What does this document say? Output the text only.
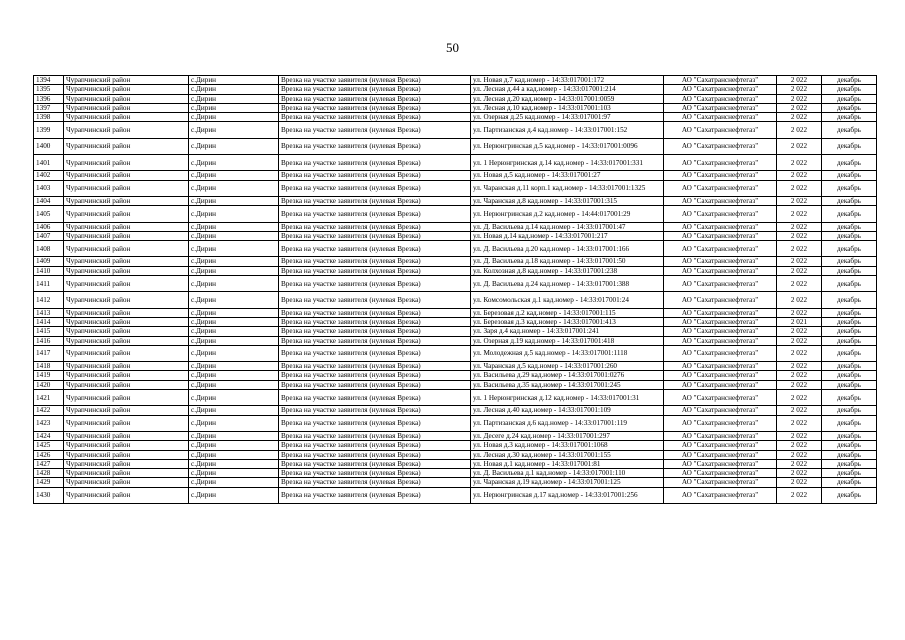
50
1394	Чурапчинский район	с.Дирин	Врезка на участке заявителя (нулевая Врезка)	ул. Новая д.7 кад.номер - 14:33:017001:172	АО "Сахатранснефтегаз"	2 022	декабрь
1395	Чурапчинский район	с.Дирин	Врезка на участке заявителя (нулевая Врезка)	ул. Лесная д.44 а кад.номер - 14:33:017001:214	АО "Сахатранснефтегаз"	2 022	декабрь
1396	Чурапчинский район	с.Дирин	Врезка на участке заявителя (нулевая Врезка)	ул. Лесная д.20 кад.номер - 14:33:017001:0059	АО "Сахатранснефтегаз"	2 022	декабрь
1397	Чурапчинский район	с.Дирин	Врезка на участке заявителя (нулевая Врезка)	ул. Лесная д.10 кад.номер - 14:33:017001:103	АО "Сахатранснефтегаз"	2 022	декабрь
1398	Чурапчинский район	с.Дирин	Врезка на участке заявителя (нулевая Врезка)	ул. Озерная д.25 кад.номер - 14:33:017001:97	АО "Сахатранснефтегаз"	2 022	декабрь
1399	Чурапчинский район	с.Дирин	Врезка на участке заявителя (нулевая Врезка)	ул. Партизанская д.4 кад.номер - 14:33:017001:152	АО "Сахатранснефтегаз"	2 022	декабрь
1400	Чурапчинский район	с.Дирин	Врезка на участке заявителя (нулевая Врезка)	ул. Нерюнгринская д.5 кад.номер - 14:33:017001:0096	АО "Сахатранснефтегаз"	2 022	декабрь
1401	Чурапчинский район	с.Дирин	Врезка на участке заявителя (нулевая Врезка)	ул. 1 Нерюнгринская д.14 кад.номер - 14:33:017001:331	АО "Сахатранснефтегаз"	2 022	декабрь
1402	Чурапчинский район	с.Дирин	Врезка на участке заявителя (нулевая Врезка)	ул. Новая д.5 кад.номер - 14:33:017001:27	АО "Сахатранснефтегаз"	2 022	декабрь
1403	Чурапчинский район	с.Дирин	Врезка на участке заявителя (нулевая Врезка)	ул. Чаранская д.11 корп.1 кад.номер - 14:33:017001:1325	АО "Сахатранснефтегаз"	2 022	декабрь
1404	Чурапчинский район	с.Дирин	Врезка на участке заявителя (нулевая Врезка)	ул. Чаранская д.8 кад.номер - 14:33:017001:315	АО "Сахатранснефтегаз"	2 022	декабрь
1405	Чурапчинский район	с.Дирин	Врезка на участке заявителя (нулевая Врезка)	ул. Нерюнгринская д.2 кад.номер - 14:44:017001:29	АО "Сахатранснефтегаз"	2 022	декабрь
1406	Чурапчинский район	с.Дирин	Врезка на участке заявителя (нулевая Врезка)	ул. Д. Васильева д.14 кад.номер - 14:33:017001:47	АО "Сахатранснефтегаз"	2 022	декабрь
1407	Чурапчинский район	с.Дирин	Врезка на участке заявителя (нулевая Врезка)	ул. Новая д.14 кад.номер - 14:33:017001:217	АО "Сахатранснефтегаз"	2 022	декабрь
1408	Чурапчинский район	с.Дирин	Врезка на участке заявителя (нулевая Врезка)	ул. Д. Васильева д.20 кад.номер - 14:33:017001:166	АО "Сахатранснефтегаз"	2 022	декабрь
1409	Чурапчинский район	с.Дирин	Врезка на участке заявителя (нулевая Врезка)	ул. Д. Васильева д.18 кад.номер - 14:33:017001:50	АО "Сахатранснефтегаз"	2 022	декабрь
1410	Чурапчинский район	с.Дирин	Врезка на участке заявителя (нулевая Врезка)	ул. Колхозная д.8 кад.номер - 14:33:017001:238	АО "Сахатранснефтегаз"	2 022	декабрь
1411	Чурапчинский район	с.Дирин	Врезка на участке заявителя (нулевая Врезка)	ул. Д. Васильева д.24 кад.номер - 14:33:017001:388	АО "Сахатранснефтегаз"	2 022	декабрь
1412	Чурапчинский район	с.Дирин	Врезка на участке заявителя (нулевая Врезка)	ул. Комсомольская д.1 кад.номер - 14:33:017001:24	АО "Сахатранснефтегаз"	2 022	декабрь
1413	Чурапчинский район	с.Дирин	Врезка на участке заявителя (нулевая Врезка)	ул. Березовая д.2 кад.номер - 14:33:017001:115	АО "Сахатранснефтегаз"	2 022	декабрь
1414	Чурапчинский район	с.Дирин	Врезка на участке заявителя (нулевая Врезка)	ул. Березовая д.3 кад.номер - 14:33:017001:413	АО "Сахатранснефтегаз"	2 021	декабрь
1415	Чурапчинский район	с.Дирин	Врезка на участке заявителя (нулевая Врезка)	ул. Заря д.4 кад.номер - 14:33:017001:241	АО "Сахатранснефтегаз"	2 022	декабрь
1416	Чурапчинский район	с.Дирин	Врезка на участке заявителя (нулевая Врезка)	ул. Озерная д.19 кад.номер - 14:33:017001:418	АО "Сахатранснефтегаз"	2 022	декабрь
1417	Чурапчинский район	с.Дирин	Врезка на участке заявителя (нулевая Врезка)	ул. Молодежная д.5 кад.номер - 14:33:017001:1118	АО "Сахатранснефтегаз"	2 022	декабрь
1418	Чурапчинский район	с.Дирин	Врезка на участке заявителя (нулевая Врезка)	ул. Чаранская д.5 кад.номер - 14:33:017001:260	АО "Сахатранснефтегаз"	2 022	декабрь
1419	Чурапчинский район	с.Дирин	Врезка на участке заявителя (нулевая Врезка)	ул. Васильева д.29 кад.номер - 14:33:017001:0276	АО "Сахатранснефтегаз"	2 022	декабрь
1420	Чурапчинский район	с.Дирин	Врезка на участке заявителя (нулевая Врезка)	ул. Васильева д.35 кад.номер - 14:33:017001:245	АО "Сахатранснефтегаз"	2 022	декабрь
1421	Чурапчинский район	с.Дирин	Врезка на участке заявителя (нулевая Врезка)	ул. 1 Нерюнгринская д.12 кад.номер - 14:33:017001:31	АО "Сахатранснефтегаз"	2 022	декабрь
1422	Чурапчинский район	с.Дирин	Врезка на участке заявителя (нулевая Врезка)	ул. Лесная д.40 кад.номер - 14:33:017001:109	АО "Сахатранснефтегаз"	2 022	декабрь
1423	Чурапчинский район	с.Дирин	Врезка на участке заявителя (нулевая Врезка)	ул. Партизанская д.6 кад.номер - 14:33:017001:119	АО "Сахатранснефтегаз"	2 022	декабрь
1424	Чурапчинский район	с.Дирин	Врезка на участке заявителя (нулевая Врезка)	ул. Десеге д.24 кад.номер - 14:33:017001:297	АО "Сахатранснефтегаз"	2 022	декабрь
1425	Чурапчинский район	с.Дирин	Врезка на участке заявителя (нулевая Врезка)	ул. Новая д.3 кад.номер - 14:33:017001:1068	АО "Сахатранснефтегаз"	2 022	декабрь
1426	Чурапчинский район	с.Дирин	Врезка на участке заявителя (нулевая Врезка)	ул. Лесная д.30 кад.номер - 14:33:017001:155	АО "Сахатранснефтегаз"	2 022	декабрь
1427	Чурапчинский район	с.Дирин	Врезка на участке заявителя (нулевая Врезка)	ул. Новая д.1 кад.номер - 14:33:017001:81	АО "Сахатранснефтегаз"	2 022	декабрь
1428	Чурапчинский район	с.Дирин	Врезка на участке заявителя (нулевая Врезка)	ул. Д. Васильева д.1 кад.номер - 14:33:017001:110	АО "Сахатранснефтегаз"	2 022	декабрь
1429	Чурапчинский район	с.Дирин	Врезка на участке заявителя (нулевая Врезка)	ул. Чаранская д.19 кад.номер - 14:33:017001:125	АО "Сахатранснефтегаз"	2 022	декабрь
1430	Чурапчинский район	с.Дирин	Врезка на участке заявителя (нулевая Врезка)	ул. Нерюнгринская д.17 кад.номер - 14:33:017001:256	АО "Сахатранснефтегаз"	2 022	декабрь
